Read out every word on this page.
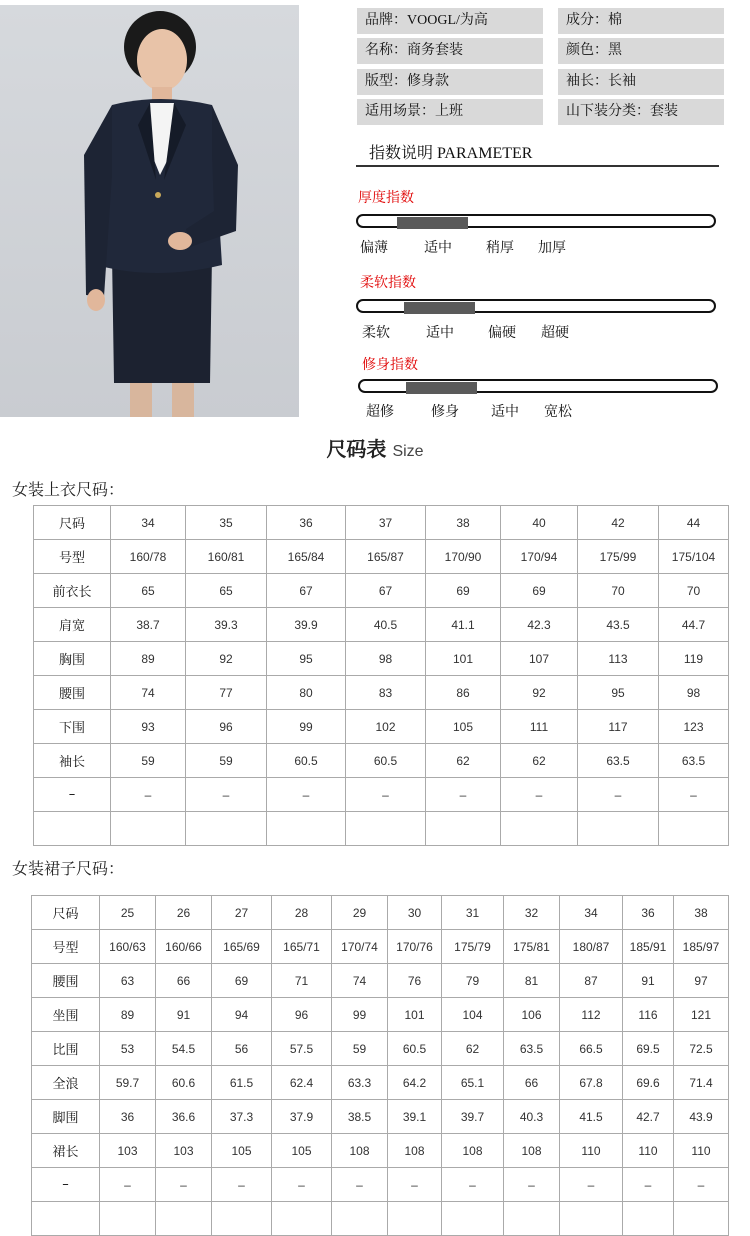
品牌：VOOGL/为高	成分：棉
名称：商务套装	颜色：黑
版型：修身款	袖长：长袖
适用场景：上班	山下装分类：套装
指数说明 PARAMETER
厚度指数
偏薄	适中 稍厚 加厚
柔软指数
柔软	适中 偏硬 超硬
修身指数
超修	修身 适中 宽松
尺码表 Size
女装上衣尺码：
尺码	34	35	36	37	38	40	42	44
号型	160/78	160/81	165/84	165/87	170/90	170/94	175/99	175/104
前衣长	65	65	67	67	69	69	70	70
肩宽	38.7	39.3	39.9	40.5	41.1	42.3	43.5	44.7
胸围	89	92	95	98	101	107	113	119
腰围	74	77	80	83	86	92	95	98
下围	93	96	99	102	105	111	117	123
袖长	59	59	60.5	60.5	62	62	63.5	63.5
–	–	–	–	–	–	–	–	–

女装裙子尺码：
尺码	25	26	27	28	29	30	31	32	34	36	38
号型	160/63	160/66	165/69	165/71	170/74	170/76	175/79	175/81	180/87	185/91	185/97
腰围	63	66	69	71	74	76	79	81	87	91	97
坐围	89	91	94	96	99	101	104	106	112	116	121
比围	53	54.5	56	57.5	59	60.5	62	63.5	66.5	69.5	72.5
全浪	59.7	60.6	61.5	62.4	63.3	64.2	65.1	66	67.8	69.6	71.4
脚围	36	36.6	37.3	37.9	38.5	39.1	39.7	40.3	41.5	42.7	43.9
裙长	103	103	105	105	108	108	108	108	110	110	110
–	–	–	–	–	–	–	–	–	–	–	–
